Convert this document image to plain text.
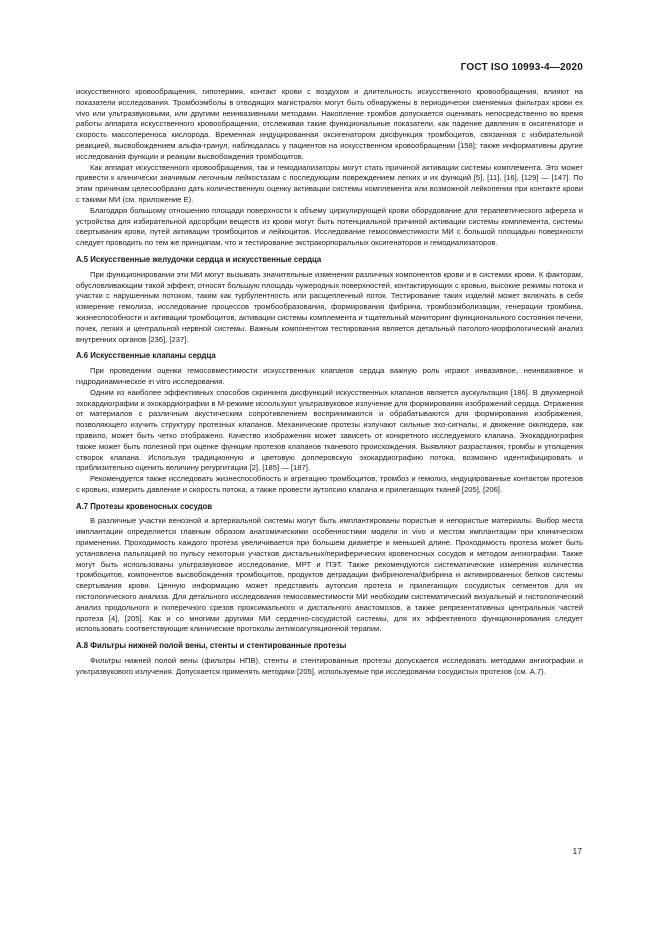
ГОСТ ISO 10993-4—2020

искусственного кровообращения, гипотермия, контакт крови с воздухом и длительность искусственного кровообращения, влияют на показатели исследования. Тромбоэмболы в отводящих магистралях могут быть обнаружены в периодически сменяемых фильтрах крови ex vivo или ультразвуковыми, или другими неинвазивными методами. Накопление тромбов допускается оценивать непосредственно во время работы аппарата искусственного кровообращения, отслеживая такие функциональные показатели, как падение давления в оксигенаторе и скорость массопереноса кислорода. Временная индуцированная оксигенатором дисфункция тромбоцитов, связанная с избирательной реакцией, высвобождением альфа-гранул, наблюдалась у пациентов на искусственном кровообращении [158]; также информативны другие исследования функции и реакции высвобождения тромбоцитов.

Как аппарат искусственного кровообращения, так и гемодиализаторы могут стать причиной активации системы комплемента. Это может привести к клинически значимым легочным лейкостазам с последующим повреждением легких и их функций [5], [11], [16], [129] — [147]. По этим причинам целесообразно дать количественную оценку активации системы комплемента или возможной лейкопении при контакте крови с такими МИ (см. приложение Е).

Благодаря большому отношению площади поверхности к объему циркулирующей крови оборудование для терапевтического афереза и устройства для избирательной адсорбции веществ из крови могут быть потенциальной причиной активации системы комплемента, системы свертывания крови, путей активации тромбоцитов и лейкоцитов. Исследование гемосовместимости МИ с большой площадью поверхности следует проводить по тем же принципам, что и тестирование экстракорпоральных оксигенаторов и гемодиализаторов.

А.5 Искусственные желудочки сердца и искусственные сердца

При функционировании эти МИ могут вызывать значительные изменения различных компонентов крови и в системах крови. К факторам, обусловливающим такой эффект, относят большую площадь чужеродных поверхностей, контактирующих с кровью, высокие режимы потока и участки с нарушенным потоком, таким как турбулентность или расщепленный поток. Тестирование таких изделий может включать в себя измерение гемолиза, исследование процессов тромбообразования, формирования фибрина, тромбоэмболизации, генерации тромбина, жизнеспособности и активации тромбоцитов, активации системы комплемента и тщательный мониторинг функционального состояния печени, почек, легких и центральной нервной системы. Важным компонентом тестирования является детальный патолого-морфологический анализ внутренних органов [236], [237].

А.6 Искусственные клапаны сердца

При проведении оценки гемосовместимости искусственных клапанов сердца важную роль играют инвазивное, неинвазивное и гидродинамическое in vitro исследования.

Одним из наиболее эффективных способов скрининга дисфункций искусственных клапанов является аускультация [186]. В двухмерной эхокардиографии и эхокардиографии в М-режиме используют ультразвуковое излучение для формирования изображений сердца. Отражения от материалов с различным акустическим сопротивлением воспринимаются и обрабатываются для формирования изображения, позволяющего изучить структуру протезных клапанов. Механические протезы излучают сильные эхо-сигналы, и движение окклюдера, как правило, может быть четко отображено. Качество изображения может зависеть от конкретного исследуемого клапана. Эхокардиография также может быть полезной при оценке функции протезов клапанов тканевого происхождения. Выявляют разрастания, тромбы и утолщения створок клапана. Используя традиционную и цветовую доплеровскую эхокардиографию потока, возможно идентифицировать и приблизительно оценить величину регургитации [2], [185] — [187].

Рекомендуется также исследовать жизнеспособность и агрегацию тромбоцитов, тромбоз и гемолиз, индуцированные контактом протезов с кровью, измерить давление и скорость потока, а также провести аутопсию клапана и прилегающих тканей [205], [206].

А.7 Протезы кровеносных сосудов

В различные участки венозной и артериальной системы могут быть имплантированы пористые и непористые материалы. Выбор места имплантации определяется главным образом анатомическими особенностями модели in vivo и местом имплантации при клиническом применении. Проходимость каждого протеза увеличивается при большем диаметре и меньшей длине. Проходимость протеза может быть установлена пальпацией по пульсу некоторых участков дистальных/периферических кровеносных сосудов и методом ангиографии. Также могут быть использованы ультразвуковое исследование, МРТ и ПЭТ. Также рекомендуются систематические измерения количества тромбоцитов, компонентов высвобождения тромбоцитов, продуктов деградации фибриногена/фибрина и активированных белков системы свертывания крови. Ценную информацию может представить аутопсия протеза и прилегающих сосудистых сегментов для их гистологического анализа. Для детального исследования гемосовместимости МИ необходим систематический визуальный и гистологический анализ продольного и поперечного срезов проксимального и дистального анастомозов, а также репрезентативных центральных частей протеза [4], [205]. Как и со многими другими МИ сердечно-сосудистой системы, для их эффективного функционирования следует использовать соответствующие клинические протоколы антикоагуляционной терапии.

А.8 Фильтры нижней полой вены, стенты и стентированные протезы

Фильтры нижней полой вены (фильтры НПВ), стенты и стентированные протезы допускается исследовать методами ангиографии и ультразвукового излучения. Допускается применять методики [205], используемые при исследовании сосудистых протезов (см. А.7).

17
